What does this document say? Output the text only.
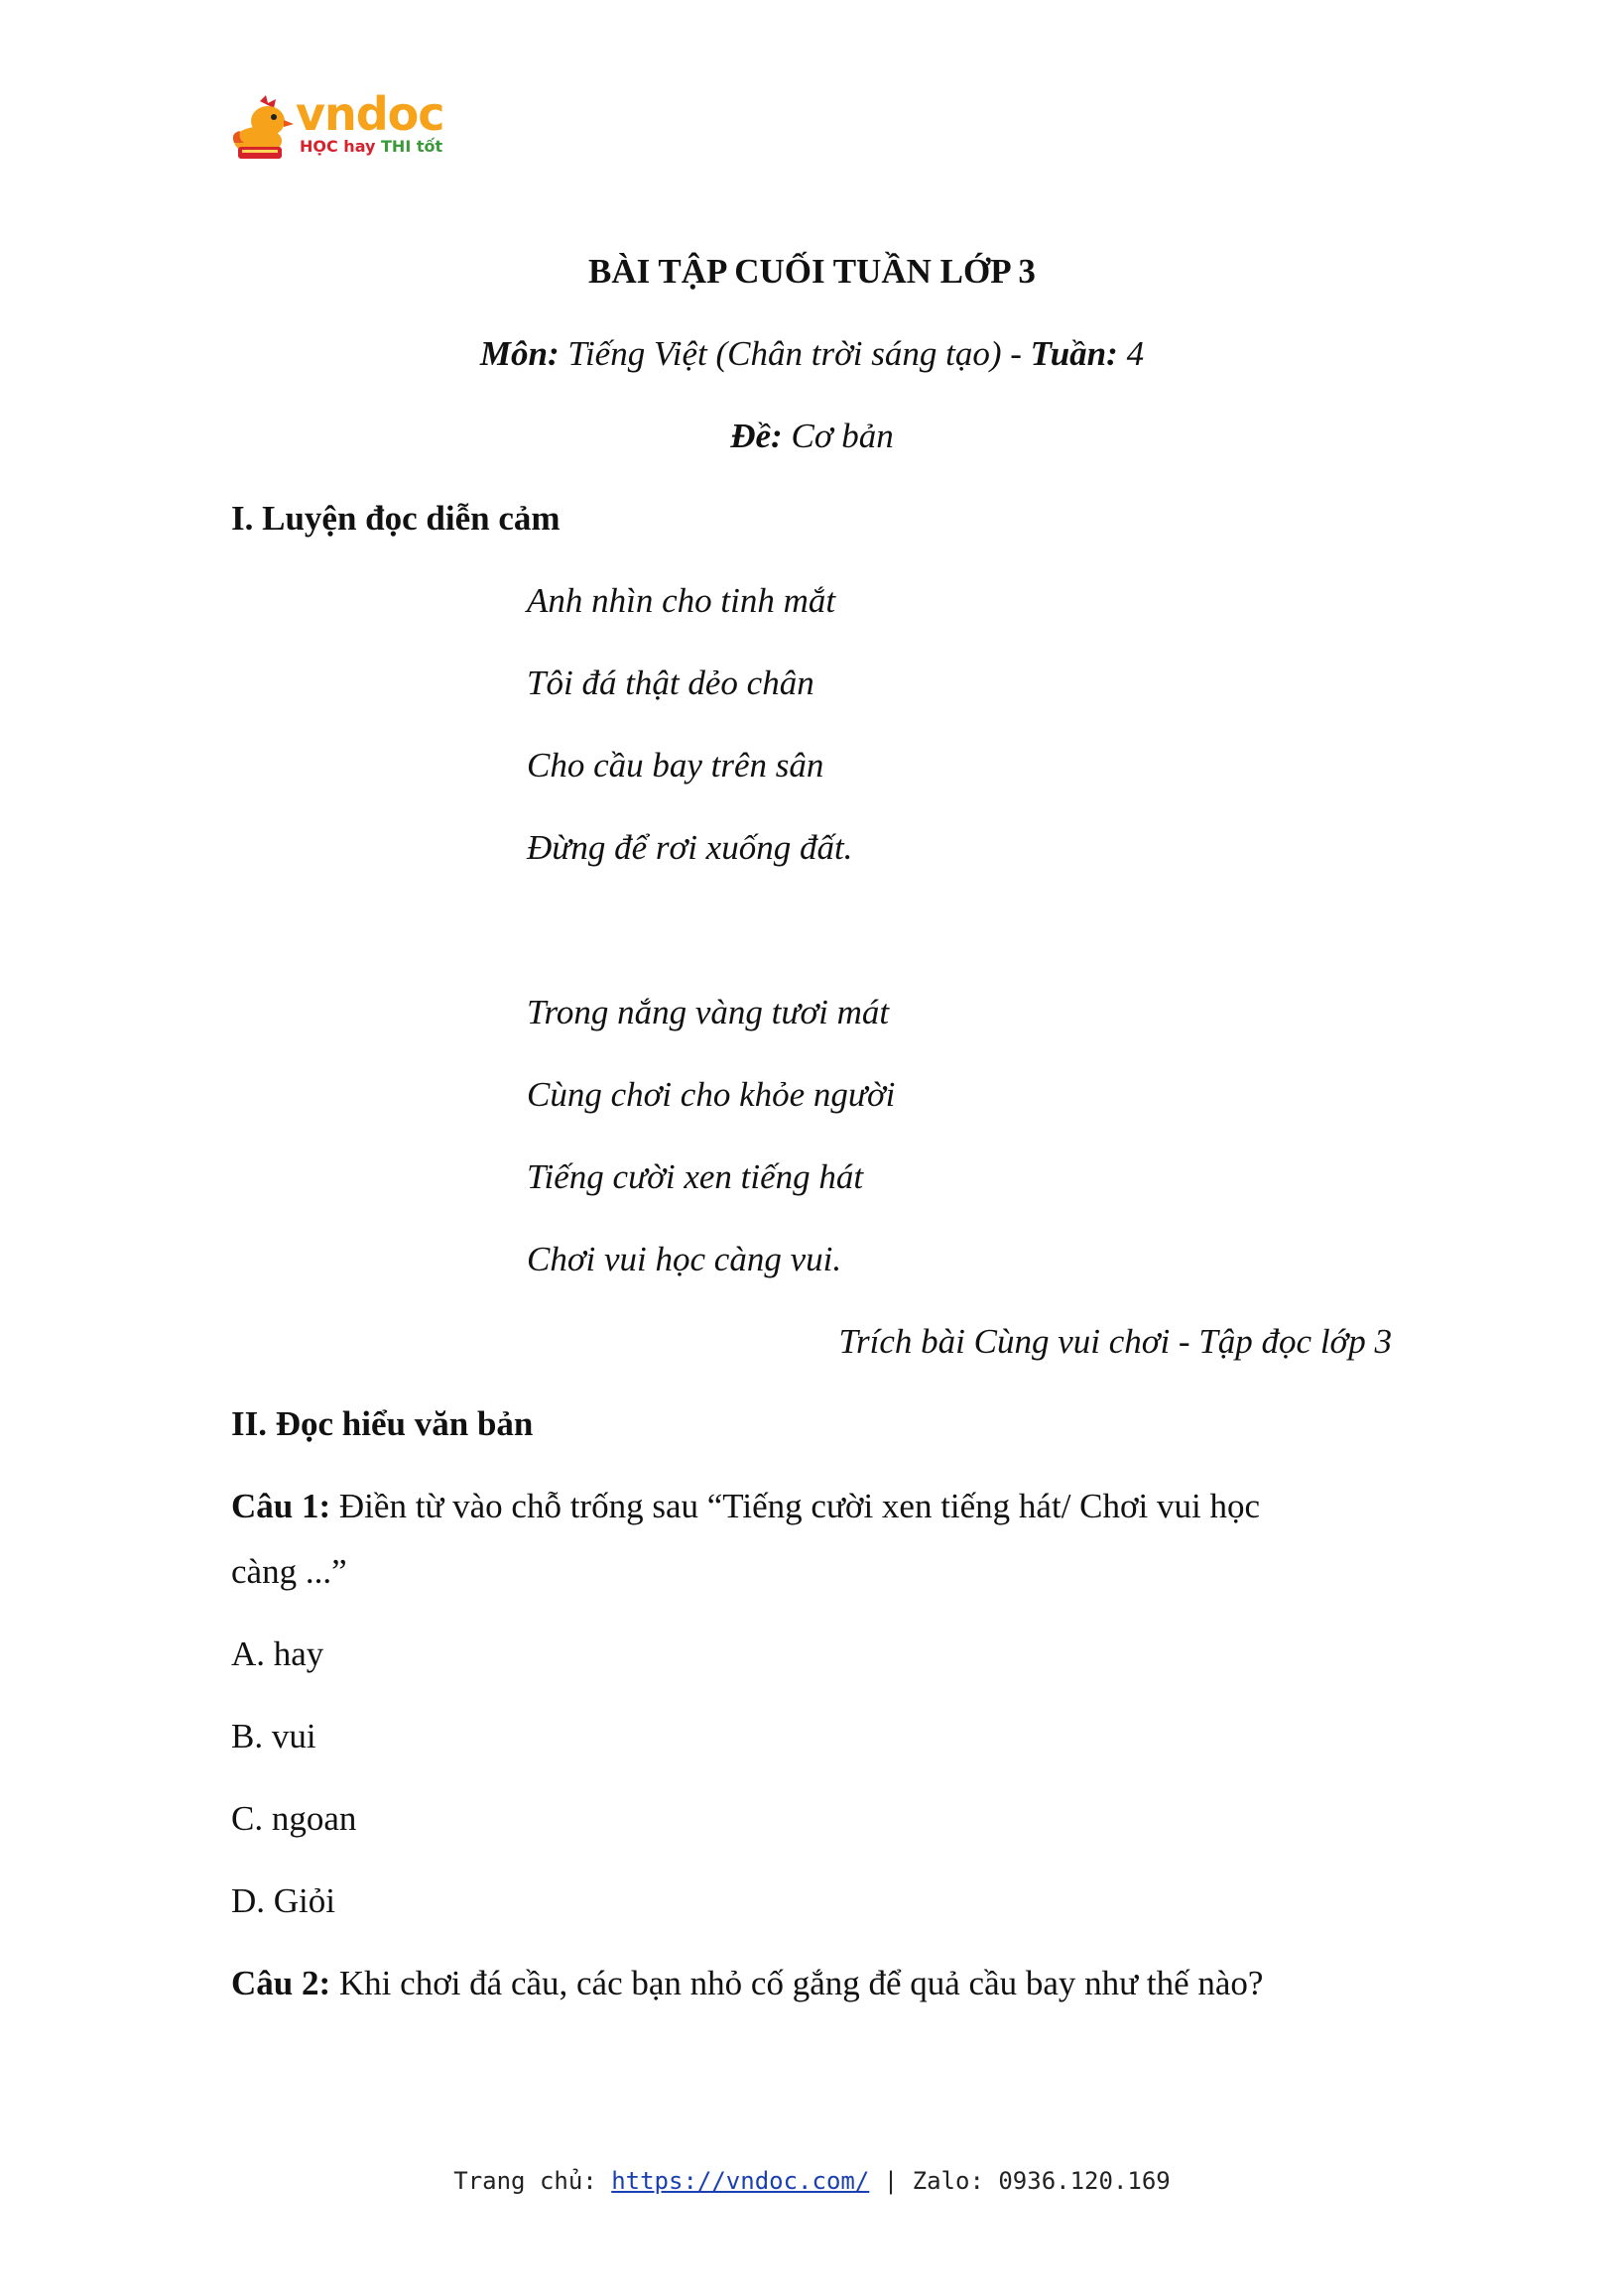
vndoc
HỌC hay THI tốt
BÀI TẬP CUỐI TUẦN LỚP 3
Môn: Tiếng Việt (Chân trời sáng tạo) - Tuần: 4
Đề: Cơ bản
I. Luyện đọc diễn cảm
Anh nhìn cho tinh mắt
Tôi đá thật dẻo chân
Cho cầu bay trên sân
Đừng để rơi xuống đất.
Trong nắng vàng tươi mát
Cùng chơi cho khỏe người
Tiếng cười xen tiếng hát
Chơi vui học càng vui.
Trích bài Cùng vui chơi - Tập đọc lớp 3
II. Đọc hiểu văn bản
Câu 1: Điền từ vào chỗ trống sau “Tiếng cười xen tiếng hát/ Chơi vui học
càng ...”
A. hay
B. vui
C. ngoan
D. Giỏi
Câu 2: Khi chơi đá cầu, các bạn nhỏ cố gắng để quả cầu bay như thế nào?
Trang chủ: https://vndoc.com/ | Zalo: 0936.120.169
